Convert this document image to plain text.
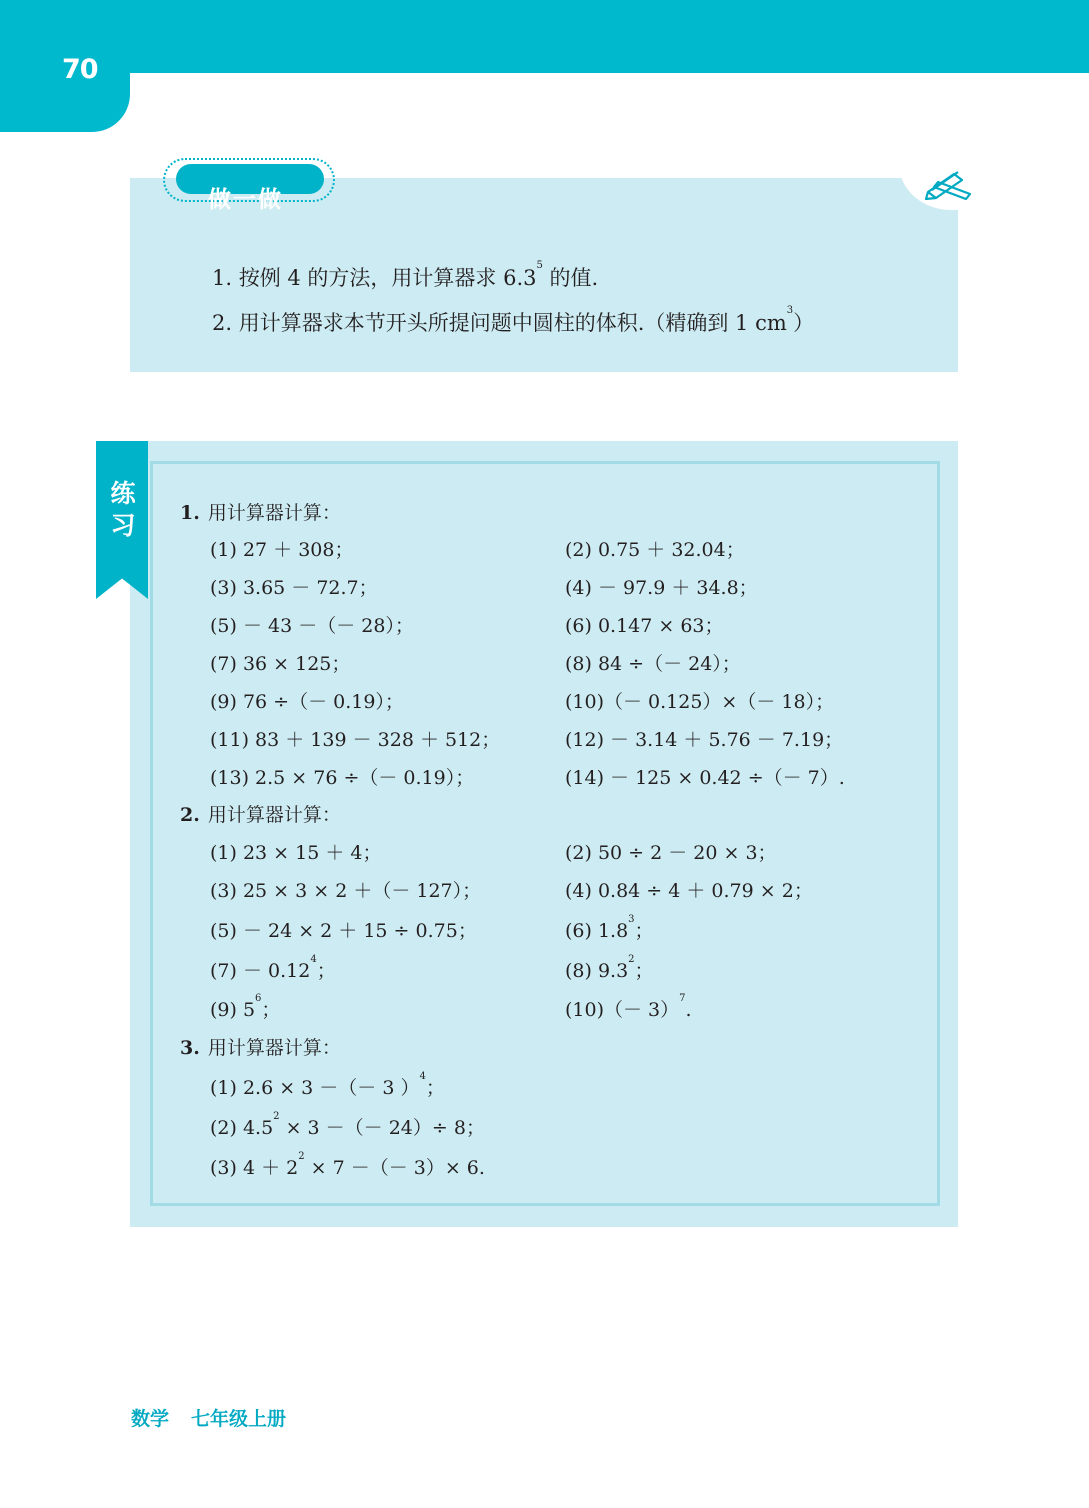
70
做一做
1. 按例 4 的方法，用计算器求 $6.3^5$ 的值.
2. 用计算器求本节开头所提问题中圆柱的体积.（精确到 1 $cm^3$）
练习 1. 用计算器计算：
(1) 27 ＋ 308；	(2) 0.75 ＋ 32.04；
(3) 3.65 － 72.7；	(4) － 97.9 ＋ 34.8；
(5) － 43 －（－ 28）；	(6) 0.147 × 63；
(7) 36 × 125；	(8) 84 ÷（－ 24）；
(9) 76 ÷（－ 0.19）；	(10)（－ 0.125）×（－ 18）；
(11) 83 ＋ 139 － 328 ＋ 512；	(12) － 3.14 ＋ 5.76 － 7.19；
(13) 2.5 × 76 ÷（－ 0.19）；	(14) － 125 × 0.42 ÷（－ 7）.
2. 用计算器计算：
(1) 23 × 15 ＋ 4；	(2) 50 ÷ 2 － 20 × 3；
(3) 25 × 3 × 2 ＋（－ 127）；	(4) 0.84 ÷ 4 ＋ 0.79 × 2；
(5) － 24 × 2 ＋ 15 ÷ 0.75；	(6) $1.8^3$；
$(7) - 0.12^4$；	(8) $9.3^2$；
(9) $5^6$；	$(10)(- 3)^7$.
3. 用计算器计算：
(1) 2.6 × 3 －（－ 3 ）$^4$；
(2) $4.5^2 \times 3$ －（－ 24）÷ 8；
(3) $4 + 2^2 \times 7$ －（－ 3）× 6.
数学 七年级上册
